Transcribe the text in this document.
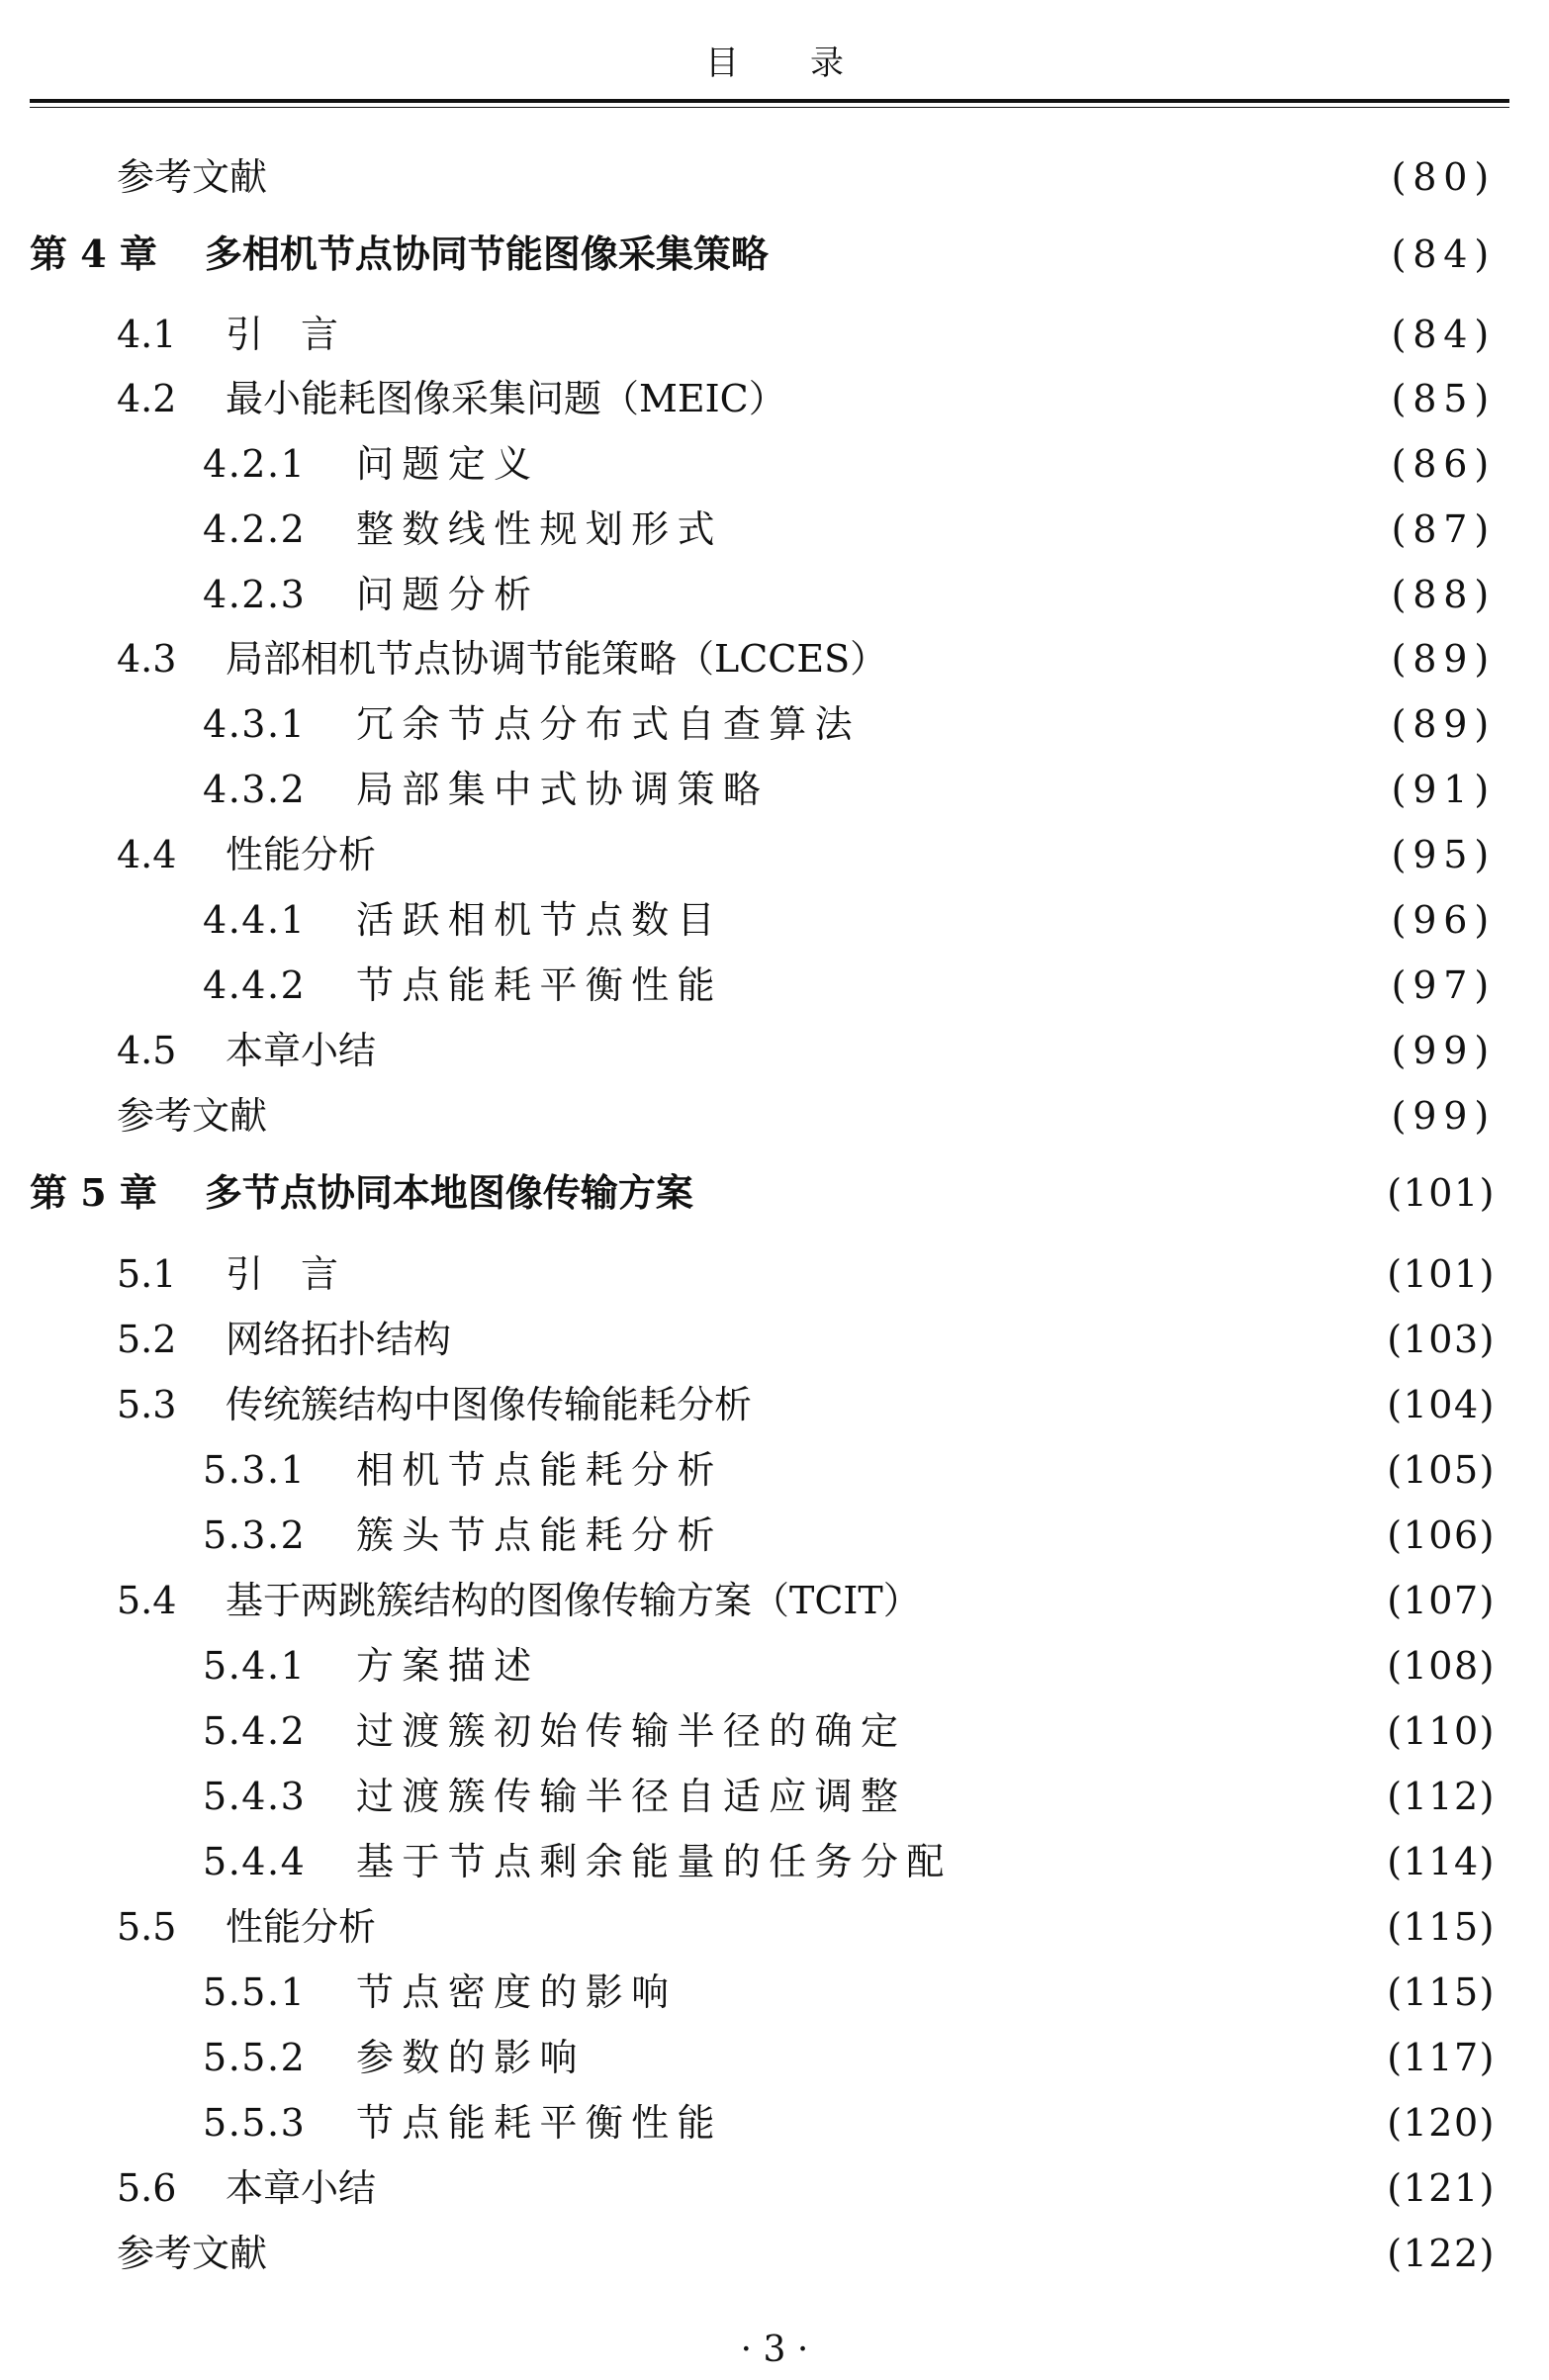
目 录
参考文献	(80)
第 4 章 多相机节点协同节能图像采集策略	(84)
4.1	引　言	(84)
4.2	最小能耗图像采集问题（MEIC）	(85)
4.2.1	问题定义	(86)
4.2.2	整数线性规划形式	(87)
4.2.3	问题分析	(88)
4.3	局部相机节点协调节能策略（LCCES）	(89)
4.3.1	冗余节点分布式自查算法	(89)
4.3.2	局部集中式协调策略	(91)
4.4	性能分析	(95)
4.4.1	活跃相机节点数目	(96)
4.4.2	节点能耗平衡性能	(97)
4.5	本章小结	(99)
参考文献	(99)
第 5 章 多节点协同本地图像传输方案	(101)
5.1	引　言	(101)
5.2	网络拓扑结构	(103)
5.3	传统簇结构中图像传输能耗分析	(104)
5.3.1	相机节点能耗分析	(105)
5.3.2	簇头节点能耗分析	(106)
5.4	基于两跳簇结构的图像传输方案（TCIT）	(107)
5.4.1	方案描述	(108)
5.4.2	过渡簇初始传输半径的确定	(110)
5.4.3	过渡簇传输半径自适应调整	(112)
5.4.4	基于节点剩余能量的任务分配	(114)
5.5	性能分析	(115)
5.5.1	节点密度的影响	(115)
5.5.2	参数的影响	(117)
5.5.3	节点能耗平衡性能	(120)
5.6	本章小结	(121)
参考文献	(122)
· 3 ·
